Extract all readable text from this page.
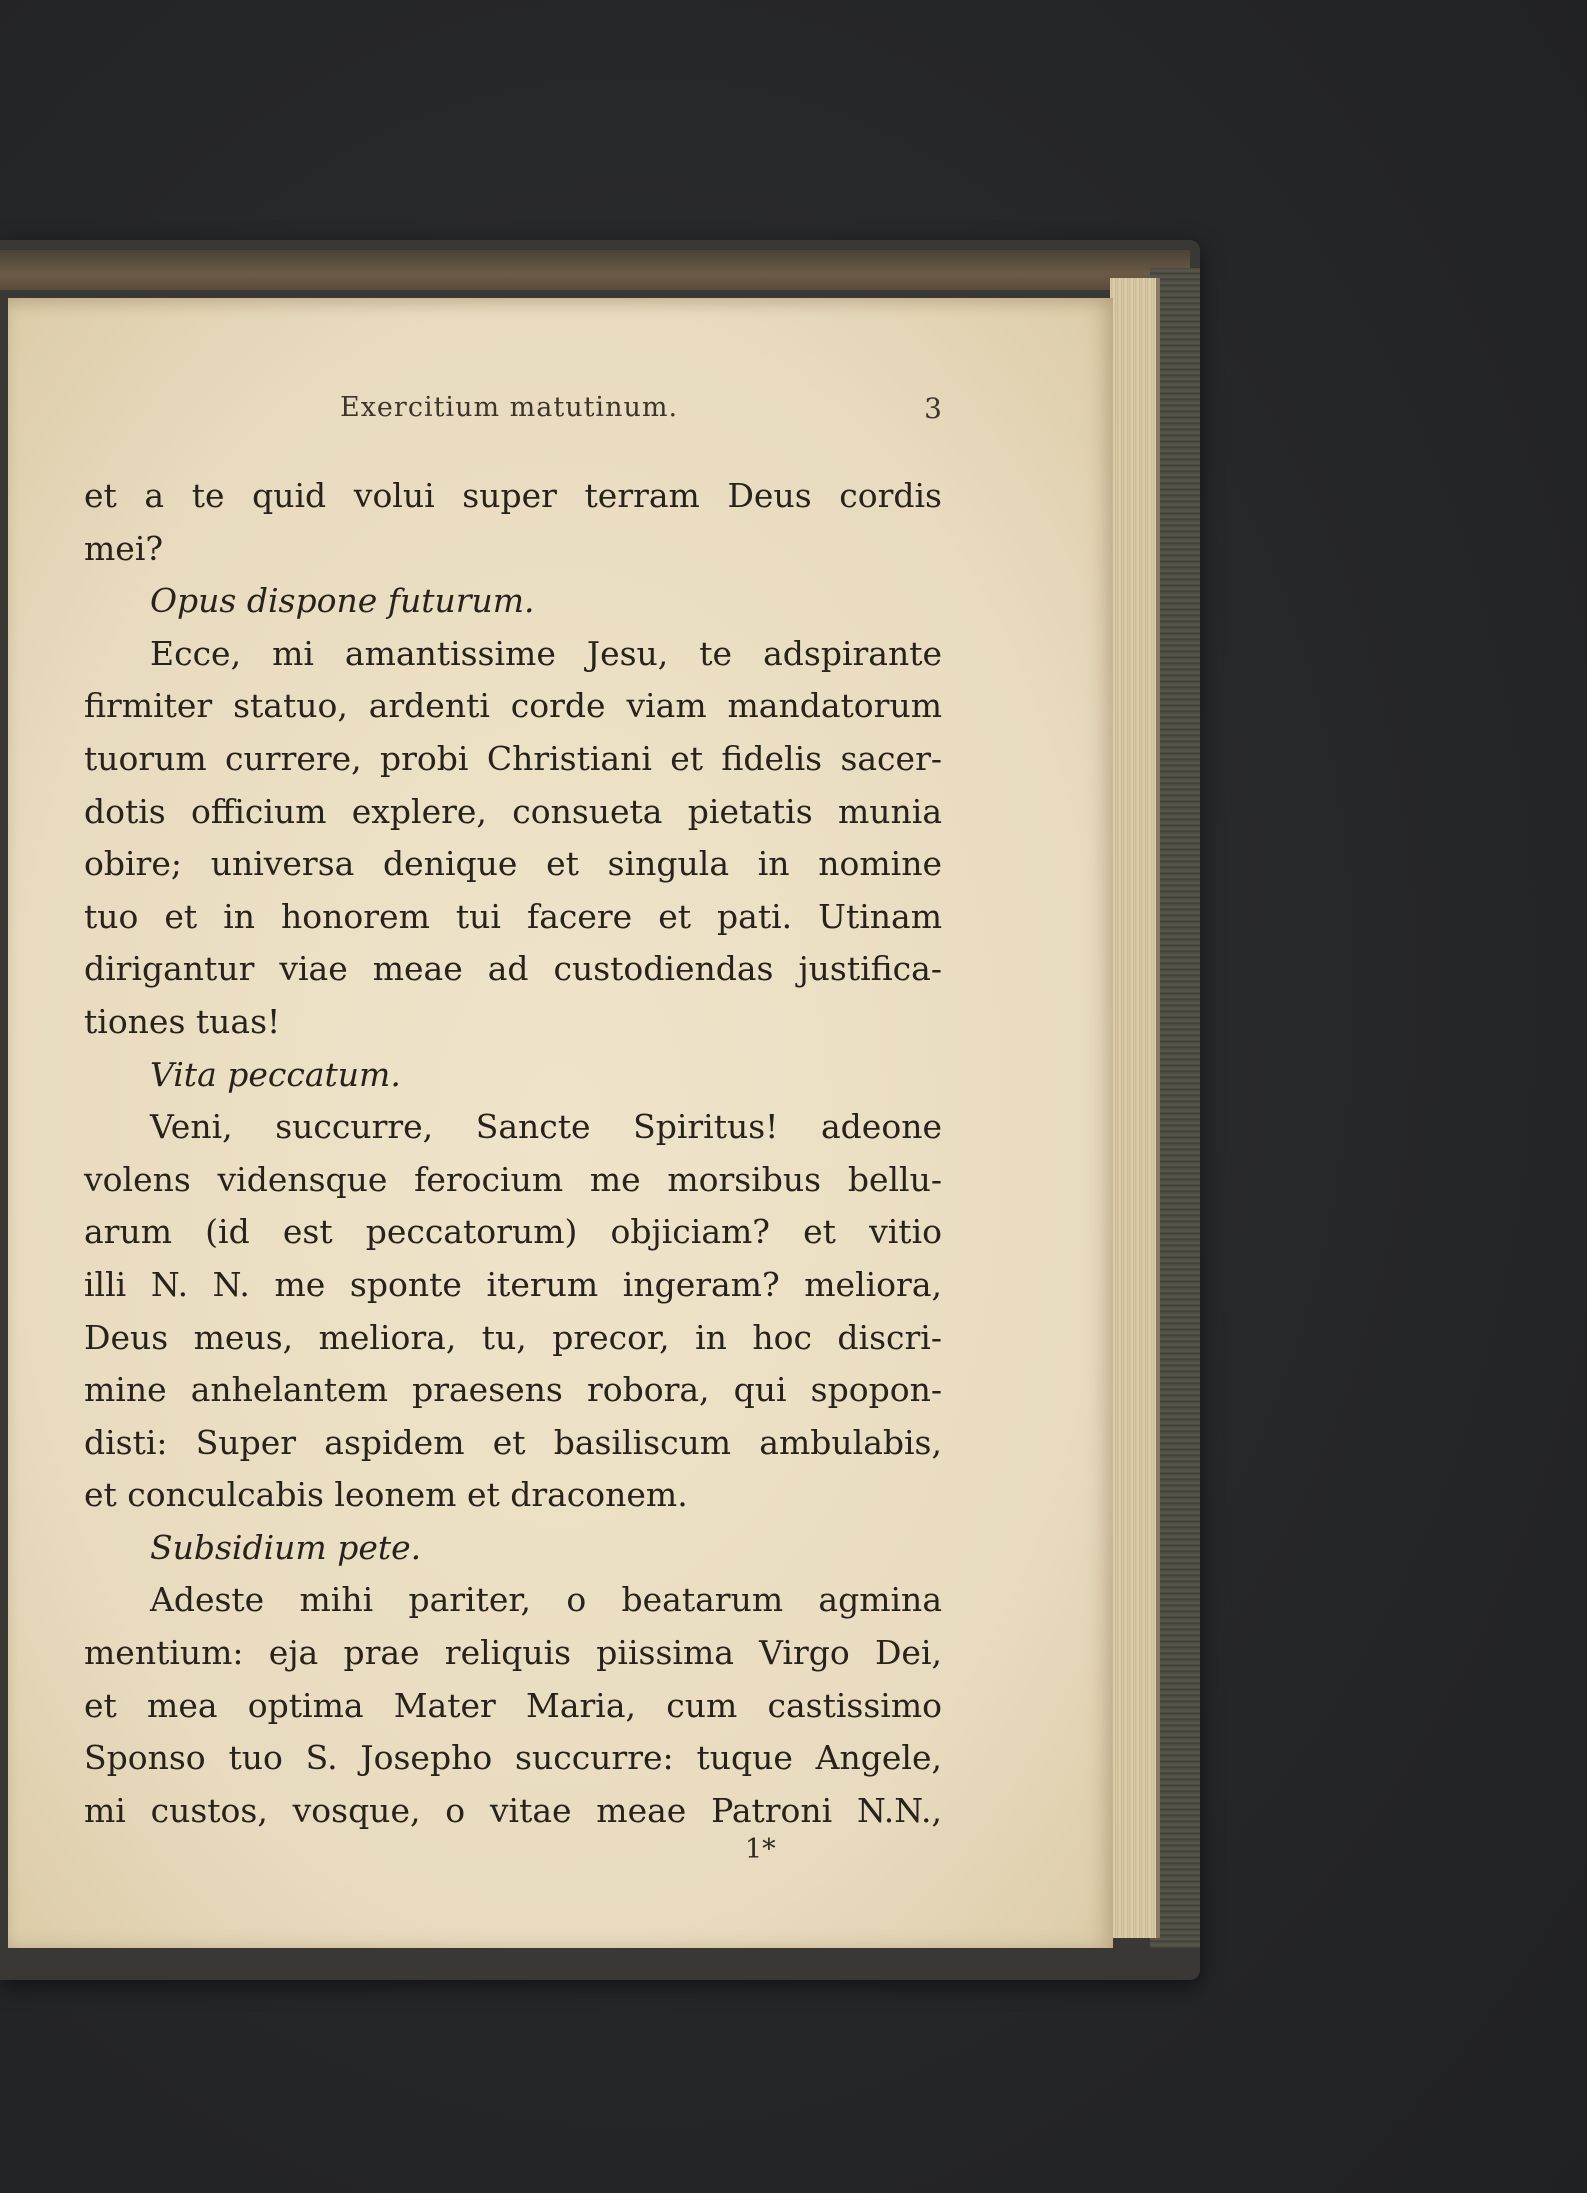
Exercitium matutinum.	3
et a te quid volui super terram Deus cordis
mei?
Opus dispone futurum.
Ecce, mi amantissime Jesu, te adspirante
firmiter statuo, ardenti corde viam mandatorum
tuorum currere, probi Christiani et fidelis sacer-
dotis officium explere, consueta pietatis munia
obire; universa denique et singula in nomine
tuo et in honorem tui facere et pati. Utinam
dirigantur viae meae ad custodiendas justifica-
tiones tuas!
Vita peccatum.
Veni, succurre, Sancte Spiritus! adeone
volens vidensque ferocium me morsibus bellu-
arum (id est peccatorum) objiciam? et vitio
illi N. N. me sponte iterum ingeram? meliora,
Deus meus, meliora, tu, precor, in hoc discri-
mine anhelantem praesens robora, qui spopon-
disti: Super aspidem et basiliscum ambulabis,
et conculcabis leonem et draconem.
Subsidium pete.
Adeste mihi pariter, o beatarum agmina
mentium: eja prae reliquis piissima Virgo Dei,
et mea optima Mater Maria, cum castissimo
Sponso tuo S. Josepho succurre: tuque Angele,
mi custos, vosque, o vitae meae Patroni N.N.,
1*
